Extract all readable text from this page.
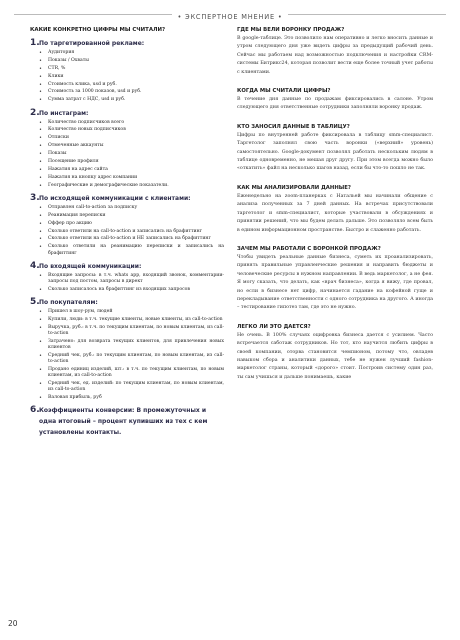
• ЭКСПЕРТНОЕ МНЕНИЕ •
КАКИЕ КОНКРЕТНО ЦИФРЫ МЫ СЧИТАЛИ?
1. По таргетированной рекламе:
• Аудитория
• Показы / Охваты
• CTR, %
• Клики
• Стоимость клика, usd и руб.
• Стоимость за 1000 показов, usd и руб.
• Сумма затрат с НДС, usd и руб.
2. По инстаграм:
• Количество подписчиков всего
• Количество новых подписчиков
• Отписки
• Отмеченные аккаунты
• Показы
• Посещение профиля
• Нажатия на адрес сайта
• Нажатия на кнопку адрес компании
• Географические и демографические показатели.
3. По исходящей коммуникации с клиентами:
• Отправлен call-to-action за подписку
• Реанимация переписки
• Оффер про акцию
• Сколько ответили на call-to-action и записались на брафиттинг
• Сколько ответили на call-to-action и НЕ записались на брафиттинг
• Сколько ответили на реанимацию переписки и записались на брафиттинг
4. По входящей коммуникации:
• Входящие запросы: в т.ч. whats app, входящий звонок, комментарии-запросы под постом, запросы в директ
• Сколько записалось на брафиттинг из входящих запросов
5. По покупателям:
• Пришел в шоу-рум, людей
• Купили, люди: в т.ч. текущие клиенты, новые клиенты, из call-to-action
• Выручка, руб.: в т.ч. по текущим клиентам, по новым клиентам, из call-to-action
• Затрачено: для возврата текущих клиентов, для привлечения новых клиентов
• Средний чек, руб.: по текущим клиентам, по новым клиентам, из call-to-action
• Продано единиц изделий, шт.: в т.ч. по текущим клиентам, по новым клиентам, из call-to-action
• Средний чек, ед. изделий: по текущим клиентам, по новым клиентам, из call-to-action
• Валовая прибыль, руб
6. Коэффициенты конверсии: В промежуточных и одна итоговый – процент купивших из тех с кем установлены контакты.
ГДЕ МЫ ВЕЛИ ВОРОНКУ ПРОДАЖ?

В google-таблице. Это позволило нам оперативно и легко вносить данные и утром следующего дня уже видеть цифры за предыдущий рабочий день. Сейчас мы работаем над возможностью подключения и настройки CRM-системы Битрикс24, которая позволит вести еще более точный учет работы с клиентами.

КОГДА МЫ СЧИТАЛИ ЦИФРЫ?

В течение дня данные по продажам фиксировались в салоне. Утром следующего дня ответственные сотрудники заполняли воронку продаж.

КТО ЗАНОСИЛ ДАННЫЕ В ТАБЛИЦУ?

Цифры по внутренней работе фиксировала в таблицу smm-специалист. Таргетолог заполнял свою часть воронки («верхний» уровень) самостоятельно. Google-документ позволял работать нескольким людям в таблице одновременно, не мешая друг другу. При этом всегда можно было «откатить» файл на несколько шагов назад, если бы что-то пошло не так.

КАК МЫ АНАЛИЗИРОВАЛИ ДАННЫЕ?

Еженедельно на zoom-планерках с Натальей мы начинали общение с анализа полученных за 7 дней данных. На встречах присутствовали таргетолог и smm-специалист, которые участвовали в обсуждениях и принятии решений, что мы будем делать дальше. Это позволяло всем быть в едином информационном пространстве. Быстро и слаженно работать.

ЗАЧЕМ МЫ РАБОТАЛИ С ВОРОНКОЙ ПРОДАЖ?

Чтобы увидеть реальные данные бизнеса, суметь их проанализировать, принять правильные управленческие решения и направить бюджеты и человеческие ресурсы в нужном направлении. В ведь маркетолог, а не фея. Я могу сказать, что делать, как «врач бизнеса», когда я вижу, где провал, но если в бизнесе нет цифр, начинается гадание на кофейной гуще и перекладывание ответственности с одного сотрудника на другого. А иногда – тестирование гипотез там, где это не нужно.

ЛЕГКО ЛИ ЭТО ДАЕТСЯ?

Не очень. В 100% случаях оцифровка бизнеса дается с усилием. Часто встречается саботаж сотрудников. Но тот, кто научится любить цифры в своей компании, оторва становится чемпионом, потому что, овладев навыком сбора и аналитики данных, тебе не нужен лучший fashion-маркетолог страны, который «дорого» стоит. Построив систему один раз, ты сам учишься и дальше понимаешь, какие

20
